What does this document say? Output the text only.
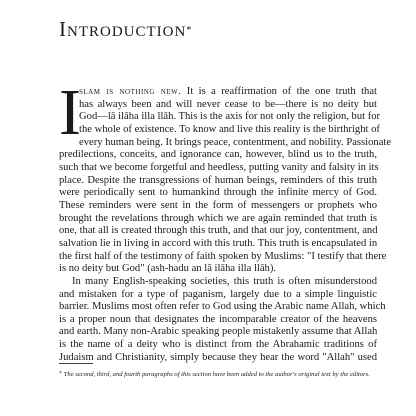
Introduction*
I
slam is nothing new. It is a reaffirmation of the one truth that
has always been and will never cease to be—there is no deity but
God—lā ilāha illa llāh. This is the axis for not only the religion, but for
the whole of existence. To know and live this reality is the birthright of
every human being. It brings peace, contentment, and nobility. Passionate
predilections, conceits, and ignorance can, however, blind us to the truth,
such that we become forgetful and heedless, putting vanity and falsity in its
place. Despite the transgressions of human beings, reminders of this truth
were periodically sent to humankind through the infinite mercy of God.
These reminders were sent in the form of messengers or prophets who
brought the revelations through which we are again reminded that truth is
one, that all is created through this truth, and that our joy, contentment, and
salvation lie in living in accord with this truth. This truth is encapsulated in
the first half of the testimony of faith spoken by Muslims: "I testify that there
is no deity but God" (ash-hadu an lā ilāha illa llāh).
In many English-speaking societies, this truth is often misunderstood
and mistaken for a type of paganism, largely due to a simple linguistic
barrier. Muslims most often refer to God using the Arabic name Allah, which
is a proper noun that designates the incomparable creator of the heavens
and earth. Many non-Arabic speaking people mistakenly assume that Allah
is the name of a deity who is distinct from the Abrahamic traditions of
Judaism and Christianity, simply because they hear the word "Allah" used
* The second, third, and fourth paragraphs of this section have been added to the author's original text by the editors.
